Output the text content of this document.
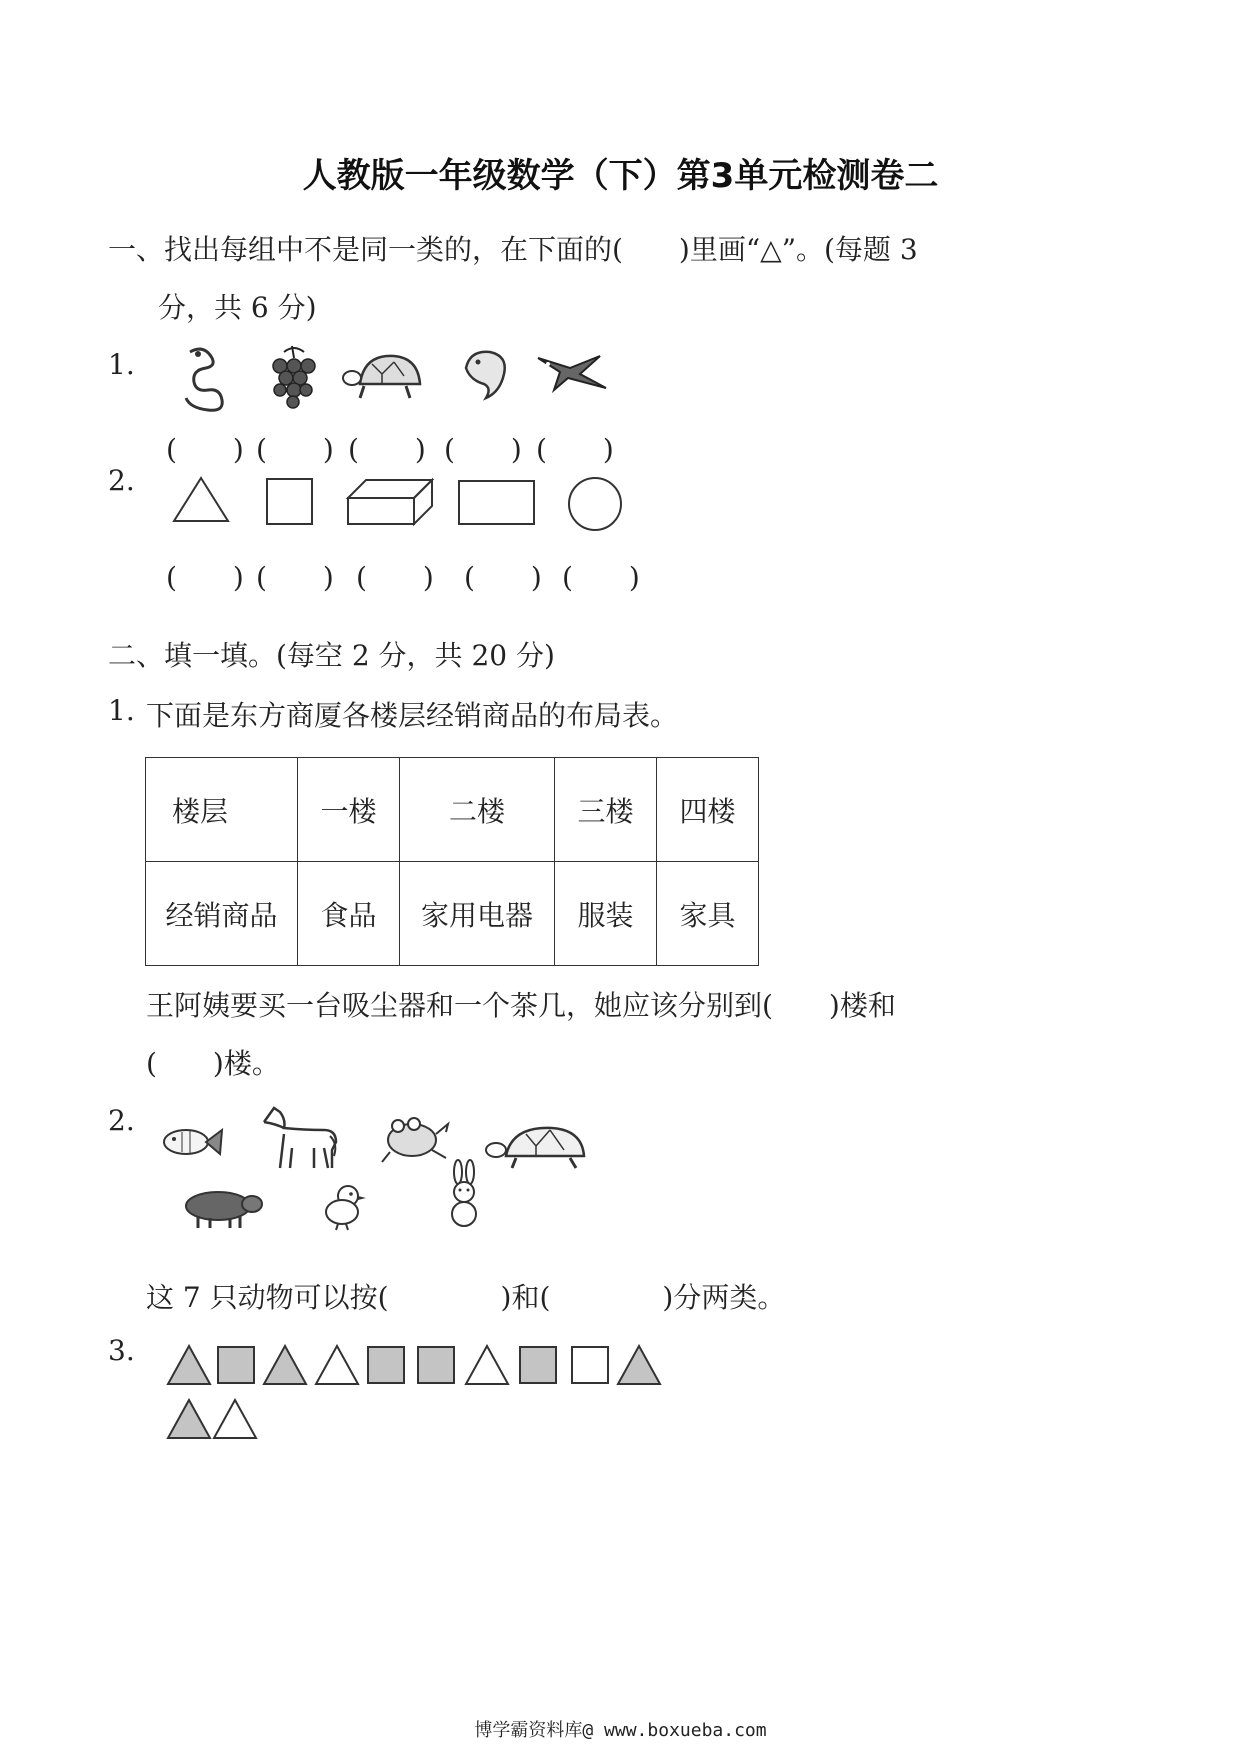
人教版一年级数学（下）第3单元检测卷二
一、找出每组中不是同一类的，在下面的(　　)里画“△”。(每题 3
分，共 6 分)
1.
(　　) (　　) (　　) (　　) (　　)
2.
(　　) (　　) (　　) (　　) (　　)
二、填一填。(每空 2 分，共 20 分)
1. 下面是东方商厦各楼层经销商品的布局表。
楼层	一楼	二楼	三楼	四楼
经销商品	食品	家用电器	服装	家具
王阿姨要买一台吸尘器和一个茶几，她应该分别到(　　)楼和
(　　)楼。
2.
这 7 只动物可以按(　　　　)和(　　　　)分两类。
3.
博学霸资料库@ www.boxueba.com
